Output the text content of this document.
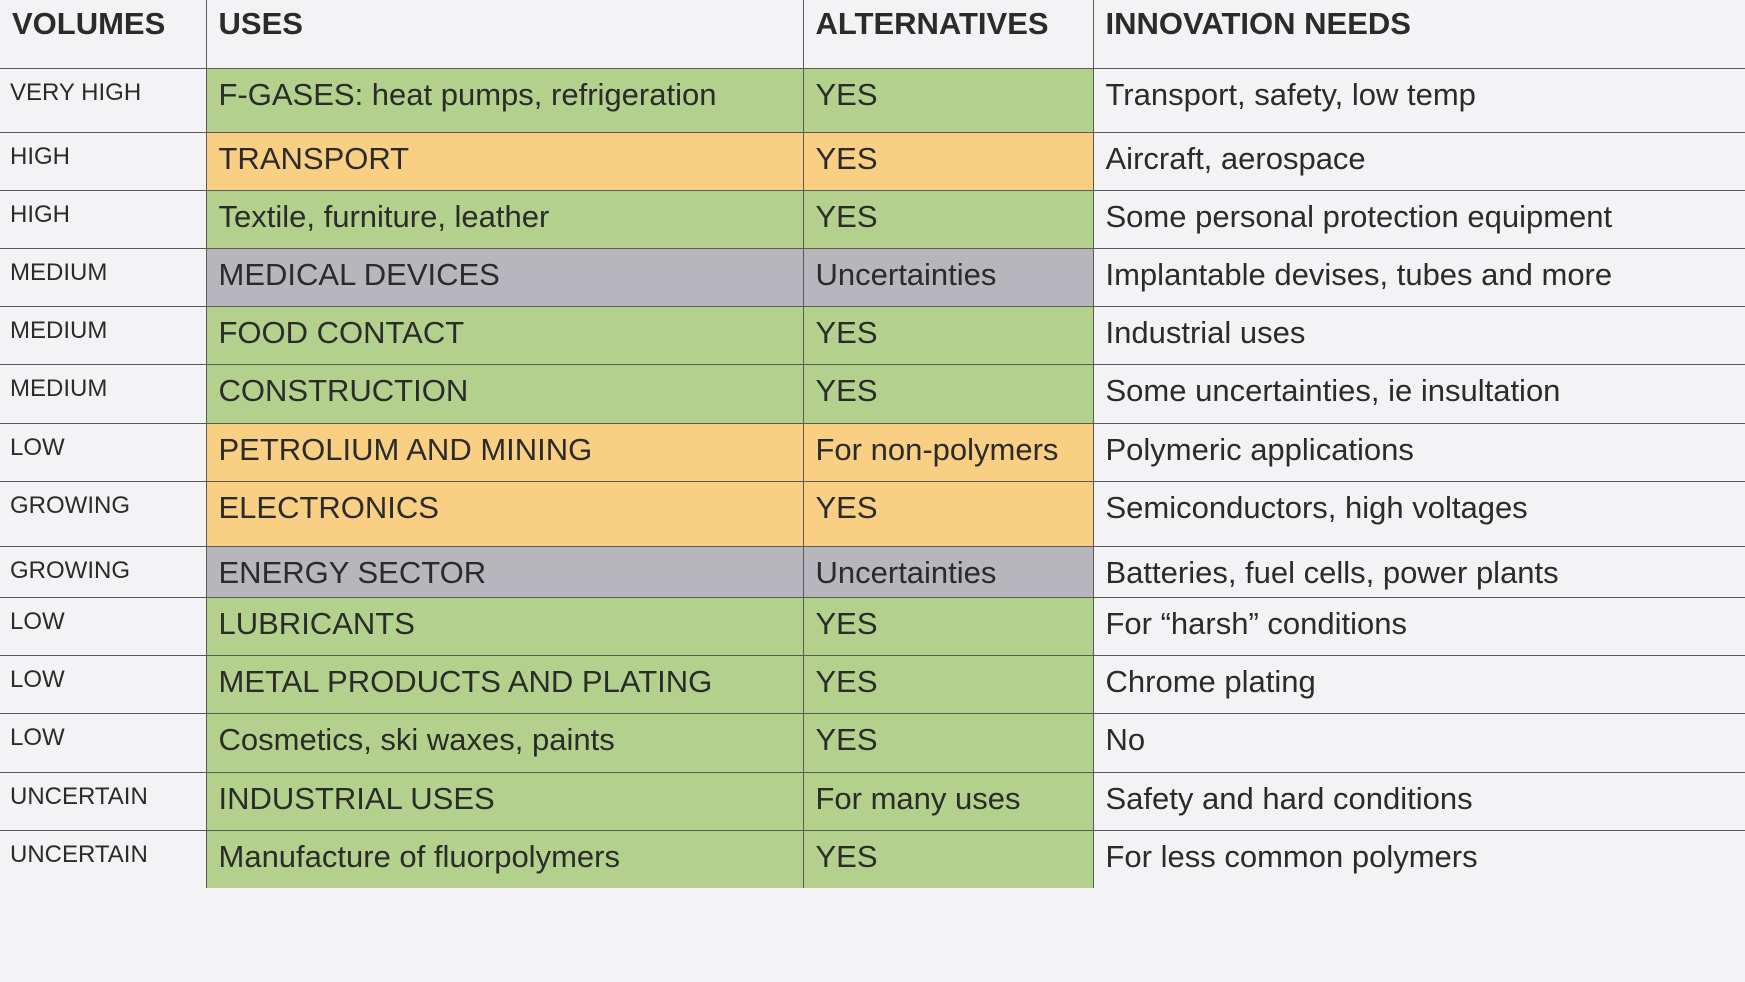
VOLUMES	USES	ALTERNATIVES	INNOVATION NEEDS
VERY HIGH	F-GASES: heat pumps, refrigeration	YES	Transport, safety, low temp
HIGH	TRANSPORT	YES	Aircraft, aerospace
HIGH	Textile, furniture, leather	YES	Some personal protection equipment
MEDIUM	MEDICAL DEVICES	Uncertainties	Implantable devises, tubes and more
MEDIUM	FOOD CONTACT	YES	Industrial uses
MEDIUM	CONSTRUCTION	YES	Some uncertainties, ie insultation
LOW	PETROLIUM AND MINING	For non-polymers	Polymeric applications
GROWING	ELECTRONICS	YES	Semiconductors, high voltages
GROWING	ENERGY SECTOR	Uncertainties	Batteries, fuel cells, power plants
LOW	LUBRICANTS	YES	For “harsh” conditions
LOW	METAL PRODUCTS AND PLATING	YES	Chrome plating
LOW	Cosmetics, ski waxes, paints	YES	No
UNCERTAIN	INDUSTRIAL USES	For many uses	Safety and hard conditions
UNCERTAIN	Manufacture of fluorpolymers	YES	For less common polymers
